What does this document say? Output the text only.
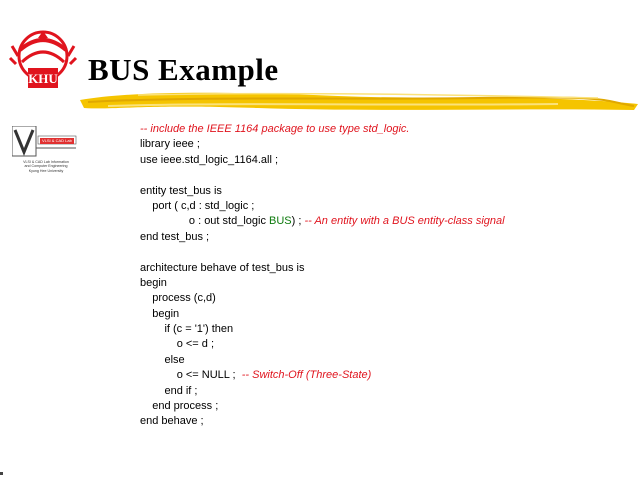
KHU BUS Example
VLSI & CAD Lab
VLSI & CAD Lab Information
and Computer Engineering
Kyung Hee University
-- include the IEEE 1164 package to use type std_logic.
library ieee ;
use ieee.std_logic_1164.all ;
entity test_bus is
port ( c,d : std_logic ;
o : out std_logic BUS) ; -- An entity with a BUS entity-class signal
end test_bus ;
architecture behave of test_bus is
begin
process (c,d)
begin
if (c = '1') then
o <= d ;
else
o <= NULL ;  -- Switch-Off (Three-State)
end if ;
end process ;
end behave ;
